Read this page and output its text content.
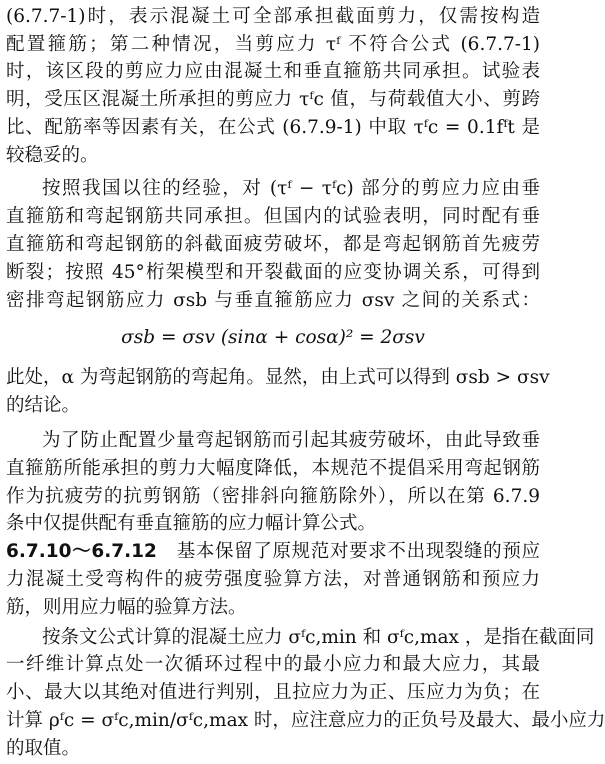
(6.7.7-1)时，表示混凝土可全部承担截面剪力，仅需按构造
配置箍筋；第二种情况，当剪应力 τᶠ 不符合公式 (6.7.7-1)
时，该区段的剪应力应由混凝土和垂直箍筋共同承担。试验表
明，受压区混凝土所承担的剪应力 τᶠc 值，与荷载值大小、剪跨
比、配筋率等因素有关，在公式 (6.7.9-1) 中取 τᶠc = 0.1fᶠt 是
较稳妥的。
按照我国以往的经验，对 (τᶠ − τᶠc) 部分的剪应力应由垂
直箍筋和弯起钢筋共同承担。但国内的试验表明，同时配有垂
直箍筋和弯起钢筋的斜截面疲劳破坏，都是弯起钢筋首先疲劳
断裂；按照 45°桁架模型和开裂截面的应变协调关系，可得到
密排弯起钢筋应力 σsb 与垂直箍筋应力 σsv 之间的关系式：
σsb = σsv (sinα + cosα)² = 2σsv
此处，α 为弯起钢筋的弯起角。显然，由上式可以得到 σsb > σsv
的结论。
为了防止配置少量弯起钢筋而引起其疲劳破坏，由此导致垂
直箍筋所能承担的剪力大幅度降低，本规范不提倡采用弯起钢筋
作为抗疲劳的抗剪钢筋（密排斜向箍筋除外），所以在第 6.7.9
条中仅提供配有垂直箍筋的应力幅计算公式。
6.7.10～6.7.12　基本保留了原规范对要求不出现裂缝的预应
力混凝土受弯构件的疲劳强度验算方法，对普通钢筋和预应力
筋，则用应力幅的验算方法。
按条文公式计算的混凝土应力 σᶠc,min 和 σᶠc,max ，是指在截面同
一纤维计算点处一次循环过程中的最小应力和最大应力，其最
小、最大以其绝对值进行判别，且拉应力为正、压应力为负；在
计算 ρᶠc = σᶠc,min/σᶠc,max 时，应注意应力的正负号及最大、最小应力
的取值。
